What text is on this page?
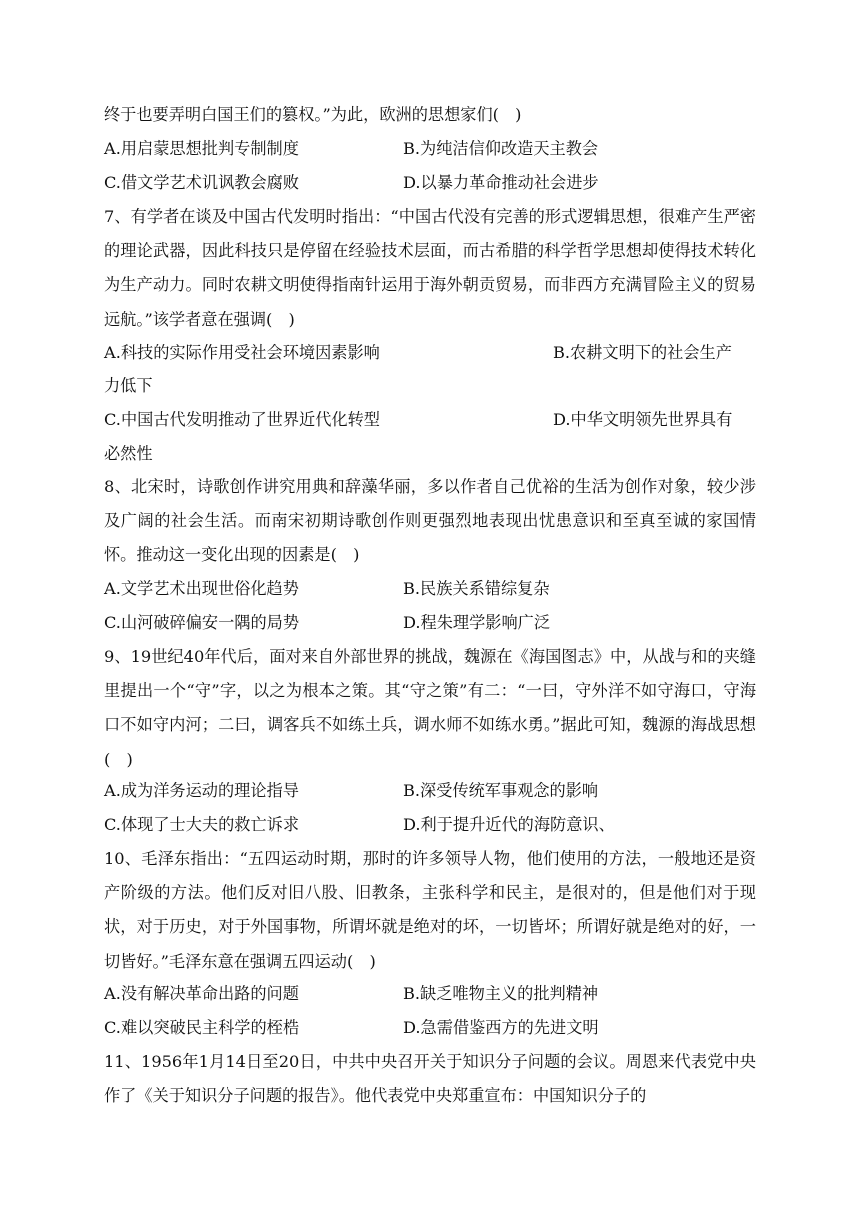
终于也要弄明白国王们的篡权。”为此，欧洲的思想家们(　)
A.用启蒙思想批判专制制度	B.为纯洁信仰改造天主教会
C.借文学艺术讥讽教会腐败	D.以暴力革命推动社会进步
7、有学者在谈及中国古代发明时指出：“中国古代没有完善的形式逻辑思想，很难产生严密的理论武器，因此科技只是停留在经验技术层面，而古希腊的科学哲学思想却使得技术转化为生产动力。同时农耕文明使得指南针运用于海外朝贡贸易，而非西方充满冒险主义的贸易远航。”该学者意在强调(　)
A.科技的实际作用受社会环境因素影响	B.农耕文明下的社会生产
力低下
C.中国古代发明推动了世界近代化转型	D.中华文明领先世界具有
必然性
8、北宋时，诗歌创作讲究用典和辞藻华丽，多以作者自己优裕的生活为创作对象，较少涉及广阔的社会生活。而南宋初期诗歌创作则更强烈地表现出忧患意识和至真至诚的家国情怀。推动这一变化出现的因素是(　)
A.文学艺术出现世俗化趋势	B.民族关系错综复杂
C.山河破碎偏安一隅的局势	D.程朱理学影响广泛
9、19世纪40年代后，面对来自外部世界的挑战，魏源在《海国图志》中，从战与和的夹缝里提出一个“守”字，以之为根本之策。其“守之策”有二：“一曰，守外洋不如守海口，守海口不如守内河；二曰，调客兵不如练土兵，调水师不如练水勇。”据此可知，魏源的海战思想(　)
A.成为洋务运动的理论指导	B.深受传统军事观念的影响
C.体现了士大夫的救亡诉求	D.利于提升近代的海防意识、
10、毛泽东指出：“五四运动时期，那时的许多领导人物，他们使用的方法，一般地还是资产阶级的方法。他们反对旧八股、旧教条，主张科学和民主，是很对的，但是他们对于现状，对于历史，对于外国事物，所谓坏就是绝对的坏，一切皆坏；所谓好就是绝对的好，一切皆好。”毛泽东意在强调五四运动(　)
A.没有解决革命出路的问题	B.缺乏唯物主义的批判精神
C.难以突破民主科学的桎梏	D.急需借鉴西方的先进文明
11、1956年1月14日至20日，中共中央召开关于知识分子问题的会议。周恩来代表党中央作了《关于知识分子问题的报告》。他代表党中央郑重宣布：中国知识分子的
